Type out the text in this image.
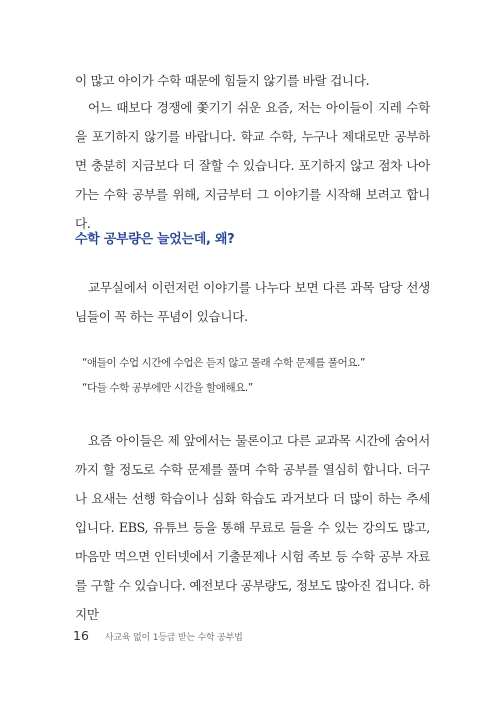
이 많고 아이가 수학 때문에 힘들지 않기를 바랄 겁니다.

어느 때보다 경쟁에 쫓기기 쉬운 요즘, 저는 아이들이 지레 수학을 포기하지 않기를 바랍니다. 학교 수학, 누구나 제대로만 공부하면 충분히 지금보다 더 잘할 수 있습니다. 포기하지 않고 점차 나아가는 수학 공부를 위해, 지금부터 그 이야기를 시작해 보려고 합니다.

수학 공부량은 늘었는데, 왜?

교무실에서 이런저런 이야기를 나누다 보면 다른 과목 담당 선생님들이 꼭 하는 푸념이 있습니다.

“애들이 수업 시간에 수업은 듣지 않고 몰래 수학 문제를 풀어요.”

“다들 수학 공부에만 시간을 할애해요.”

요즘 아이들은 제 앞에서는 물론이고 다른 교과목 시간에 숨어서까지 할 정도로 수학 문제를 풀며 수학 공부를 열심히 합니다. 더구나 요새는 선행 학습이나 심화 학습도 과거보다 더 많이 하는 추세입니다. EBS, 유튜브 등을 통해 무료로 들을 수 있는 강의도 많고, 마음만 먹으면 인터넷에서 기출문제나 시험 족보 등 수학 공부 자료를 구할 수 있습니다. 예전보다 공부량도, 정보도 많아진 겁니다. 하지만

16 사교육 없이 1등급 받는 수학 공부법
